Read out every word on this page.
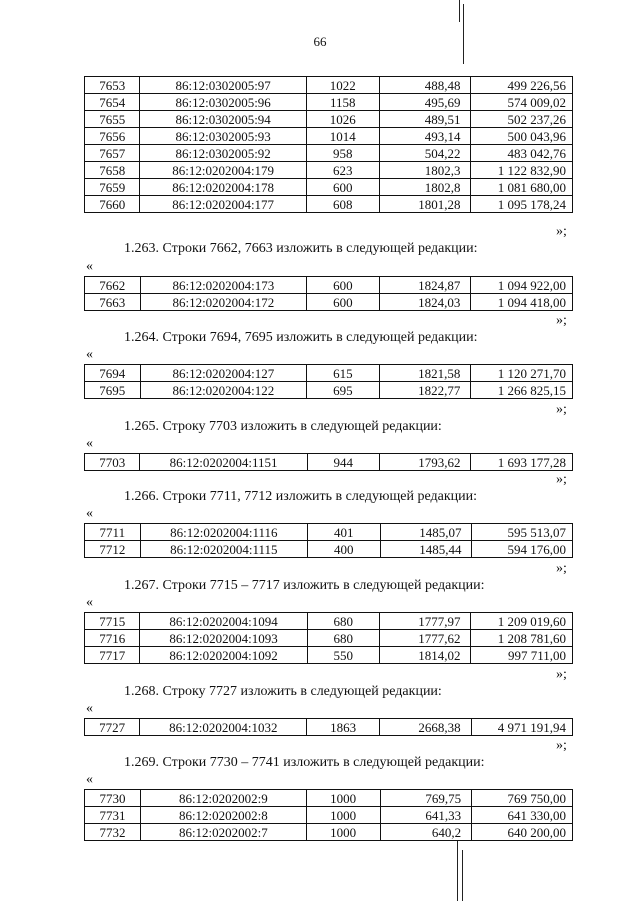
66
7653	86:12:0302005:97	1022	488,48	499 226,56
7654	86:12:0302005:96	1158	495,69	574 009,02
7655	86:12:0302005:94	1026	489,51	502 237,26
7656	86:12:0302005:93	1014	493,14	500 043,96
7657	86:12:0302005:92	958	504,22	483 042,76
7658	86:12:0202004:179	623	1802,3	1 122 832,90
7659	86:12:0202004:178	600	1802,8	1 081 680,00
7660	86:12:0202004:177	608	1801,28	1 095 178,24
»;
1.263. Строки 7662, 7663 изложить в следующей редакции:
«
7662	86:12:0202004:173	600	1824,87	1 094 922,00
7663	86:12:0202004:172	600	1824,03	1 094 418,00
»;
1.264. Строки 7694, 7695 изложить в следующей редакции:
«
7694	86:12:0202004:127	615	1821,58	1 120 271,70
7695	86:12:0202004:122	695	1822,77	1 266 825,15
»;
1.265. Строку 7703 изложить в следующей редакции:
«
7703	86:12:0202004:1151	944	1793,62	1 693 177,28
»;
1.266. Строки 7711, 7712 изложить в следующей редакции:
«
7711	86:12:0202004:1116	401	1485,07	595 513,07
7712	86:12:0202004:1115	400	1485,44	594 176,00
»;
1.267. Строки 7715 – 7717 изложить в следующей редакции:
«
7715	86:12:0202004:1094	680	1777,97	1 209 019,60
7716	86:12:0202004:1093	680	1777,62	1 208 781,60
7717	86:12:0202004:1092	550	1814,02	997 711,00
»;
1.268. Строку 7727 изложить в следующей редакции:
«
7727	86:12:0202004:1032	1863	2668,38	4 971 191,94
»;
1.269. Строки 7730 – 7741 изложить в следующей редакции:
«
7730	86:12:0202002:9	1000	769,75	769 750,00
7731	86:12:0202002:8	1000	641,33	641 330,00
7732	86:12:0202002:7	1000	640,2	640 200,00
